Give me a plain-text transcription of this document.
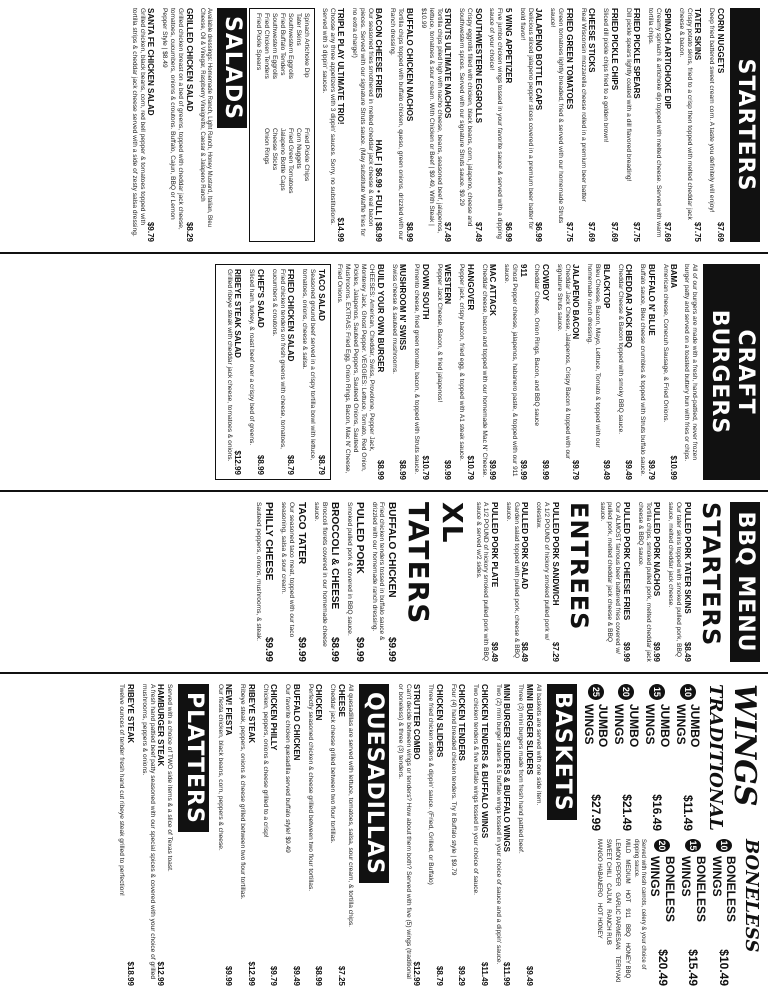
STARTERS
CORN NUGGETS
$7.69
Deep fried battered sweet cream corn. A taste you definitely will enjoy!
TATER SKINS
$7.75
Crispy potato skins, fried to a crisp then topped with melted cheddar jack cheese & bacon.
SPINACH ARTICHOKE DIP
$7.69
Creamy spinach & artichoke dip topped with melted cheese. Served with warm tortilla chips.
FRIED PICKLE SPEARS
$7.75
Dill pickle spears lightly coated with a dill flavored breading!
FRIED PICKLE CHIPS
$7.69
Sliced dill pickle chips fried to a golden brown!
CHEESE STICKS
$7.69
Real Wisconsin mozzarella cheese rolled in a premium beer batter
FRIED GREEN TOMATOES
$7.75
Green tomatoes lightly breaded, fried & served with our homemade Struts sauce!
JALAPENO BOTTLE CAPS
$6.99
Delicious sliced jalapeno pepper slices covered in a premium beer batter for bold flavor!
5 WING APPETIZER
$6.99
Five jumbo chicken wings tossed in your favorite sauce & served with a dipping sauce of your choice!
SOUTHWESTERN EGGROLLS
$7.49
Crispy eggrolls filled with chicken, black beans, corn, jalapeno, cheese and Southwestern spices. Served with our signature Struts sauce. $9.29
STRUTS ULTIMATE NACHOS
$7.49
Tortilla chips piled high with nacho cheese, beans, seasoned beef, jalapenos, lettuce, tomatoes & sour cream. With Chicken or Beef | $9.49, With Steak | $10.99
BUFFALO CHICKEN NACHOS
$8.99
Tortilla chips topped with buffalo chicken, queso, green onions, drizzled with our Ranch dressing.
BACON CHEESE FRIES
HALF | $6.99 • FULL | $8.99
Our seasoned fries smothered in melted cheddar jack cheese & real bacon pieces. Served with our signature Struts sauce. (May substitute Waffle fries for no extra charge!)
TRIPLE PLAY ULTIMATE TRIO!
$14.99
Choose any three appetizers with 3 dippin' sauces. Sorry, no substitutions. Served with 3 dippin' sauces.
Spinach Artichoke Dip
Tater Skins
Southwestern Eggrolls
Fried Buffalo Tenders
Southwestern Eggrolls
Fried Chicken Tenders
Fried Pickle Spears
Fried Pickle Chips
Corn Nuggets
Fried Green Tomatoes
Jalapeno Bottle Caps
Cheese Sticks
Onion Rings
SALADS
Available dressings: Homemade Ranch, Light Ranch, Honey Mustard, Italian, Bleu Cheese, Oil & Vinegar, Raspberry Vinaigrette, Caesar & Jalapeno Ranch
GRILLED CHICKEN SALAD
$8.29
Grilled chicken breast on a bed of greens, topped with cheddar jack cheese, tomatoes, cucumbers, onions & croutons. Buffalo, Cajun, BBQ or Lemon Pepper Style | $8.49
SANTA FE CHICKEN SALAD
$9.79
Grilled chicken, black beans, corn, red bell pepper & tomatoes topped with tortilla strips & cheddar jack cheese served with a side of zesty salsa dressing.
CRAFT BURGERS
All of our burgers are made with a fresh, hand-pattied, never frozen burger patty and served on a toasted buttery bun with fries or chips.
BAMA
$10.99
American cheese, Conecuh Sausage, & Fried Onions.
BUFFALO N' BLUE
$9.79
Buffalo sauce, Bleu cheese crumbles & topped with Struts buffalo sauce.
CHEDDAR JACK BBQ
$9.49
Cheddar Cheese & Bacon topped with smoky BBQ sauce.
BLACKTOP
$9.49
Bleu Cheese, Bacon, Mayo, Lettuce, Tomato & topped with our homemade ranch dressing.
JALAPENO BACON
$9.79
Cheddar Jack Cheese, Jalapenos, Crispy Bacon & topped with our signature Struts sauce.
COWBOY
$9.99
Cheddar Cheese, Onion Rings, Bacon, and BBQ sauce
911
$9.99
Ghost Pepper cheese, jalapenos, habanero paste, & topped with our 911 sauce.
MAC ATTACK
$9.99
Cheddar cheese, bacon and topped with our homemade Mac N' Cheese.
HANGOVER
$10.79
Pepper jack, crispy bacon, fried egg, & topped with A1 steak sauce.
WESTERN
$9.99
Pepper Jack Cheese, Bacon, & fried jalapenos!
DOWN SOUTH
$10.79
Pimento cheese, fried green tomato, bacon, & topped with Struts sauce.
MUSHROOM N' SWISS
$8.99
Swiss cheese & sauteed mushrooms.
BUILD YOUR OWN BURGER
$8.99
CHEESES: American, Cheddar, Swiss, Provolone, Pepper Jack, Monterey Jack, Ghost Pepper. VEGGIES: Lettuce, Tomato, Red Onion, Pickles, Jalapenos, Sauteed Peppers, Sauteed Onions, Sauteed Mushrooms. EXTRAS: Fried Egg, Onion Rings, Bacon, Mac N' Cheese, Fried Onions.
TACO SALAD
$8.79
Seasoned ground beef served in a crispy tortilla bowl with lettuce, tomatoes, onions, cheese & salsa.
FRIED CHICKEN SALAD
$8.79
Fried chicken tenders on fresh greens with cheese, tomatoes, cucumbers & croutons.
CHEF'S SALAD
$8.99
Sliced ham, turkey, & roast beef over a crispy bed of greens.
RIBEYE STEAK SALAD
$12.99
Grilled ribeye steak with cheddar jack cheese, tomatoes & onions.
BBQ MENU
STARTERS
PULLED PORK TATER SKINS
$8.49
Our tater skins topped with smoked pulled pork, BBQ sauce, melted cheddar jack cheese.
PULLED PORK NACHOS
$9.99
Tortilla chips, smoked pulled pork, melted cheddar jack cheese & BBQ sauce.
PULLED PORK CHEESE FRIES
$9.99
Our ALMOST famous beer battered fries covered w/ pulled pork, melted cheddar jack cheese & BBQ sauce.
ENTREES
PULLED PORK SANDWICH
$7.29
A 1/2 POUND of hickory smoked pulled pork w/ coleslaw.
PULLED PORK SALAD
$8.49
Garden salad topped with pulled pork, cheese & BBQ sauce.
PULLED PORK PLATE
$9.49
A 1/2 POUND of hickory smoked pulled pork with BBQ sauce & served w/2 sides.
XL TATERS
BUFFALO CHICKEN
$9.99
Fried chicken tenders tossed in buffalo sauce & drizzled with our homemade ranch dressing.
PULLED PORK
$9.99
Smoked pulled pork & covered in BBQ sauce.
BROCCOLI & CHEESE
$8.99
Broccoli florets covered in our homemade cheese sauce.
TACO TATER
$9.99
Our seasoned taco meat, topped with our taco seasoning, salsa & sour cream.
PHILLY CHEESE
$9.99
Sauteed peppers, onions, mushrooms, & steak.
WINGS
TRADITIONAL
10
JUMBO WINGS
$11.49
15
JUMBO WINGS
$16.49
20
JUMBO WINGS
$21.49
25
JUMBO WINGS
$27.99
BONELESS
10
BONELESS WINGS
$10.49
15
BONELESS WINGS
$15.49
20
BONELESS WINGS
$20.49
Served with fresh carrots, celery & your choice of dipping sauce.
MILD
MEDIUM
HOT
911
BBQ
HONEY BBQ
LEMON PEPPER
GARLIC PARMESAN
TERIYAKI
SWEET CHILI
CAJUN
RANCH RUB
MANGO HABANERO
HOT HONEY
BASKETS
All baskets are served with one side item.
MINI BURGER SLIDERS
$9.49
Three (3) mini burgers made from fresh hand pattied beef.
MINI BURGER SLIDERS & BUFFALO WINGS
$11.99
Two (2) mini burger sliders & 5 buffalo wings tossed in your choice of sauce and a dippin' sauce.
CHICKEN TENDERS & BUFFALO WINGS
$11.49
Two chicken tenders & five buffalo wings tossed in your choice of sauce.
CHICKEN TENDERS
$9.29
Four (4) hand breaded chicken tenders. Try it Buffalo style | $9.79
CHICKEN SLIDERS
$8.79
Three fried chicken sliders & dippin' sauce. (Fried, Grilled, or Buffalo)
STRUTTER COMBO
$12.99
Can't decide between wings or tenders? How about them both? Served with five (5) wings (traditional or boneless) & three (3) tenders.
QUESADILLAS
All quesadillas are served with lettuce, tomatoes, salsa, sour cream, & tortilla chips.
CHEESE
$7.25
Cheddar jack cheese grilled between two flour tortillas.
CHICKEN
$8.99
Perfectly seasoned chicken & cheese grilled between two flour tortillas.
BUFFALO CHICKEN
$9.49
Our favorite chicken quesadilla served buffalo style! $9.49
CHICKEN PHILLY
$9.79
Chicken, peppers, onions & cheese grilled to a crisp!
RIBEYE STEAK
$12.99
Ribeye steak, peppers, onions & cheese grilled between two flour tortillas.
NEW! FIESTA
$9.99
Our fiesta chicken, black beans, corn, peppers & cheese.
PLATTERS
Served with a choice of TWO side items & a slice of Texas toast.
HAMBURGER STEAK
$12.99
A fresh hand pattied beef patty seasoned with our special spices & covered with your choice of grilled mushrooms, peppers & onions.
RIBEYE STEAK
$18.99
Twelve ounces of tender fresh hand cut ribeye steak grilled to perfection!
